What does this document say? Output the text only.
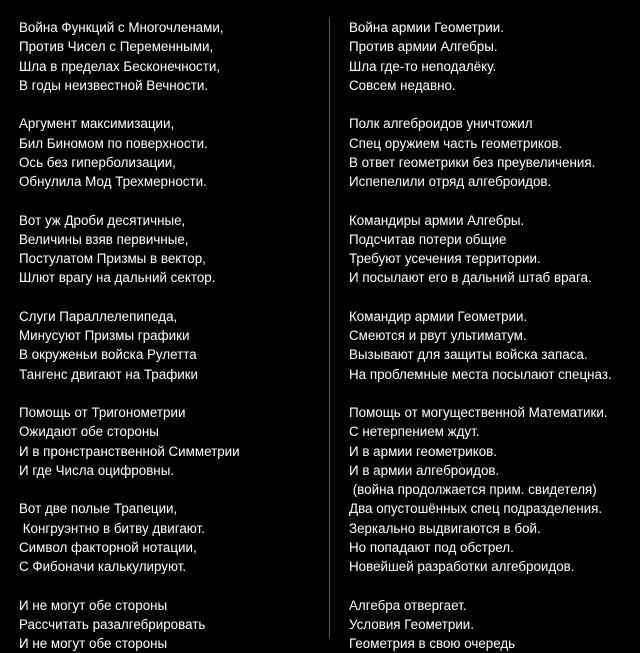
Война Функций с Многочленами,
Против Чисел с Переменными,
Шла в пределах Бесконечности,
В годы неизвестной Вечности.
Аргумент максимизации,
Бил Биномом по поверхности.
Ось без гиперболизации,
Обнулила Мод Трехмерности.
Вот уж Дроби десятичные,
Величины взяв первичные,
Постулатом Призмы в вектор,
Шлют врагу на дальний сектор.
Слуги Параллелепипеда,
Минусуют Призмы графики
В окруженьи войска Рулетта
Тангенс двигают на Трафики
Помощь от Тригонометрии
Ожидают обе стороны
И в пронстранственной Симметрии
И где Числа оцифровны.
Вот две полые Трапеции,
Конгруэнтно в битву двигают.
Символ факторной нотации,
С Фибоначи калькулируют.
И не могут обе стороны
Рассчитать разалгебрировать
И не могут обе стороны
Война армии Геометрии.
Против армии Алгебры.
Шла где-то неподалёку.
Совсем недавно.
Полк алгеброидов уничтожил
Спец оружием часть геометриков.
В ответ геометрики без преувеличения.
Испепелили отряд алгеброидов.
Командиры армии Алгебры.
Подсчитав потери общие
Требуют усечения территории.
И посылают его в дальний штаб врага.
Командир армии Геометрии.
Смеются и рвут ультиматум.
Вызывают для защиты войска запаса.
На проблемные места посылают спецназ.
Помощь от могущественной Математики.
С нетерпением ждут.
И в армии геометриков.
И в армии алгеброидов.
(война продолжается прим. свидетеля)
Два опустошённых спец подразделения.
Зеркально выдвигаются в бой.
Но попадают под обстрел.
Новейшей разработки алгеброидов.
Алгебра отвергает.
Условия Геометрии.
Геометрия в свою очередь
